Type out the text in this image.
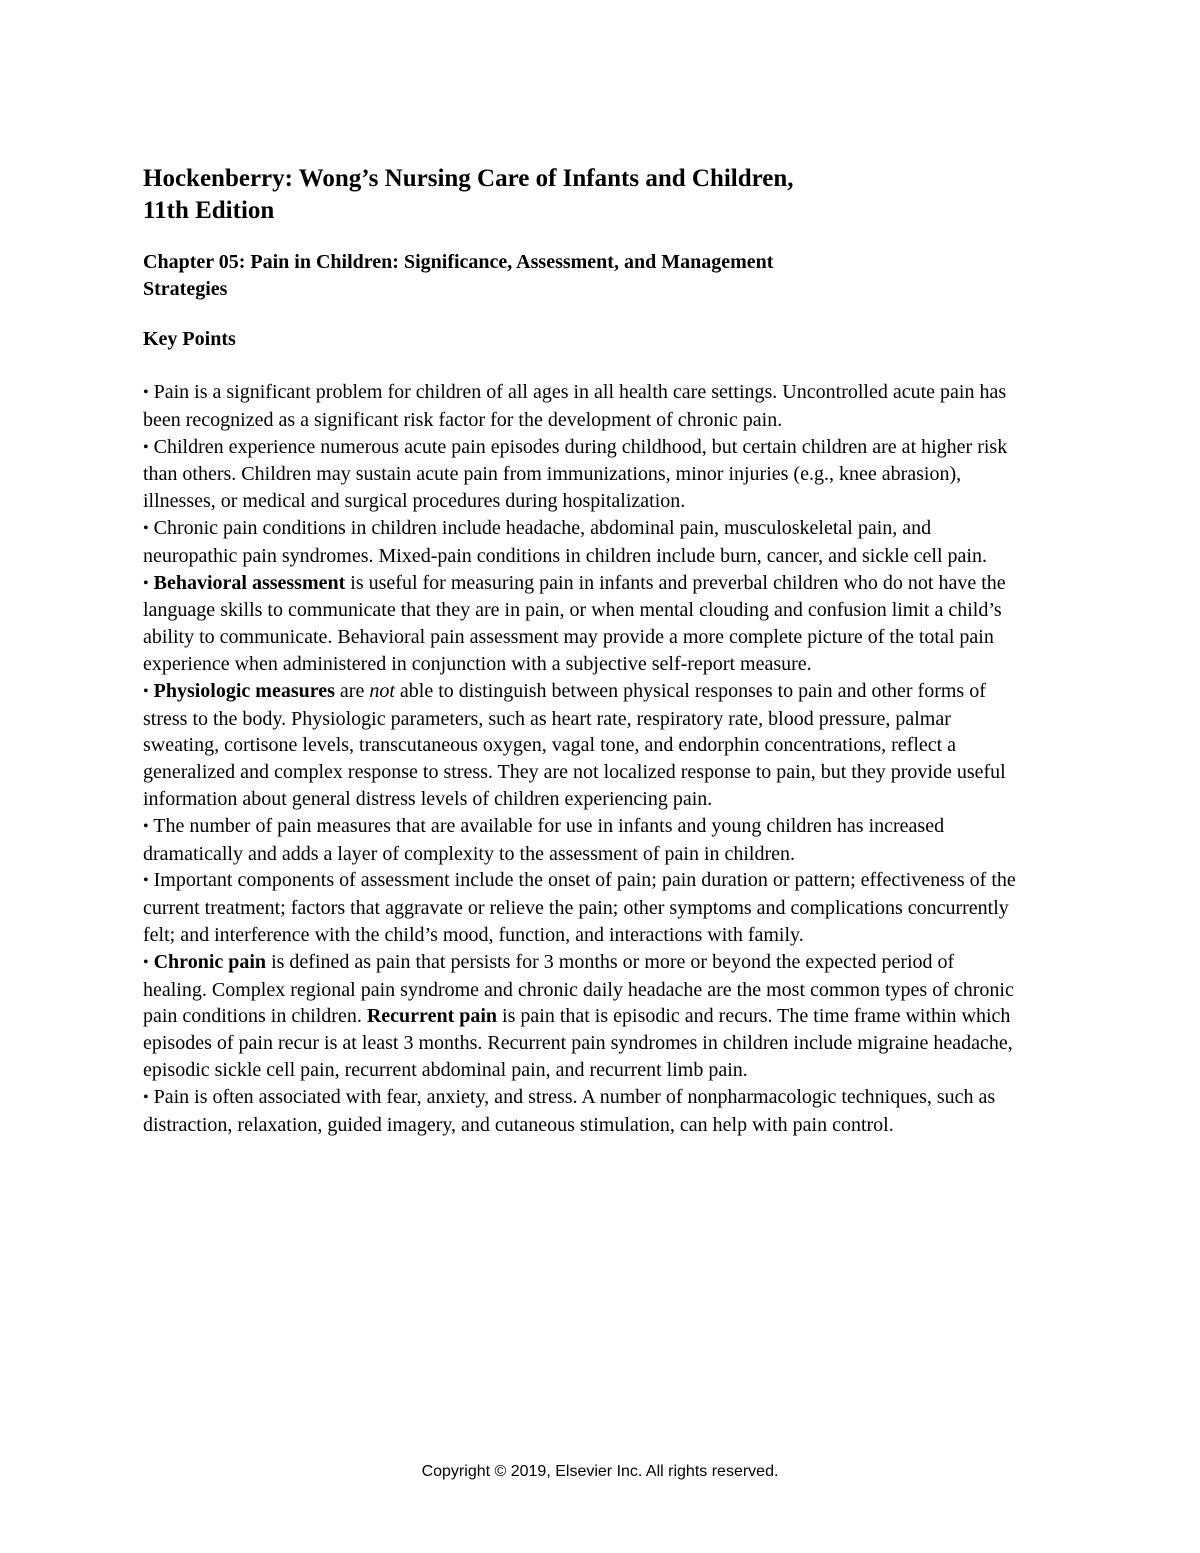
Hockenberry: Wong’s Nursing Care of Infants and Children,
11th Edition
Chapter 05: Pain in Children: Significance, Assessment, and Management
Strategies
Key Points
• Pain is a significant problem for children of all ages in all health care settings. Uncontrolled acute pain has been recognized as a significant risk factor for the development of chronic pain.
• Children experience numerous acute pain episodes during childhood, but certain children are at higher risk than others. Children may sustain acute pain from immunizations, minor injuries (e.g., knee abrasion), illnesses, or medical and surgical procedures during hospitalization.
• Chronic pain conditions in children include headache, abdominal pain, musculoskeletal pain, and neuropathic pain syndromes. Mixed-pain conditions in children include burn, cancer, and sickle cell pain.
• Behavioral assessment is useful for measuring pain in infants and preverbal children who do not have the language skills to communicate that they are in pain, or when mental clouding and confusion limit a child’s ability to communicate. Behavioral pain assessment may provide a more complete picture of the total pain experience when administered in conjunction with a subjective self-report measure.
• Physiologic measures are not able to distinguish between physical responses to pain and other forms of stress to the body. Physiologic parameters, such as heart rate, respiratory rate, blood pressure, palmar sweating, cortisone levels, transcutaneous oxygen, vagal tone, and endorphin concentrations, reflect a generalized and complex response to stress. They are not localized response to pain, but they provide useful information about general distress levels of children experiencing pain.
• The number of pain measures that are available for use in infants and young children has increased dramatically and adds a layer of complexity to the assessment of pain in children.
• Important components of assessment include the onset of pain; pain duration or pattern; effectiveness of the current treatment; factors that aggravate or relieve the pain; other symptoms and complications concurrently felt; and interference with the child’s mood, function, and interactions with family.
• Chronic pain is defined as pain that persists for 3 months or more or beyond the expected period of healing. Complex regional pain syndrome and chronic daily headache are the most common types of chronic pain conditions in children. Recurrent pain is pain that is episodic and recurs. The time frame within which episodes of pain recur is at least 3 months. Recurrent pain syndromes in children include migraine headache, episodic sickle cell pain, recurrent abdominal pain, and recurrent limb pain.
• Pain is often associated with fear, anxiety, and stress. A number of nonpharmacologic techniques, such as distraction, relaxation, guided imagery, and cutaneous stimulation, can help with pain control.
Copyright © 2019, Elsevier Inc. All rights reserved.
